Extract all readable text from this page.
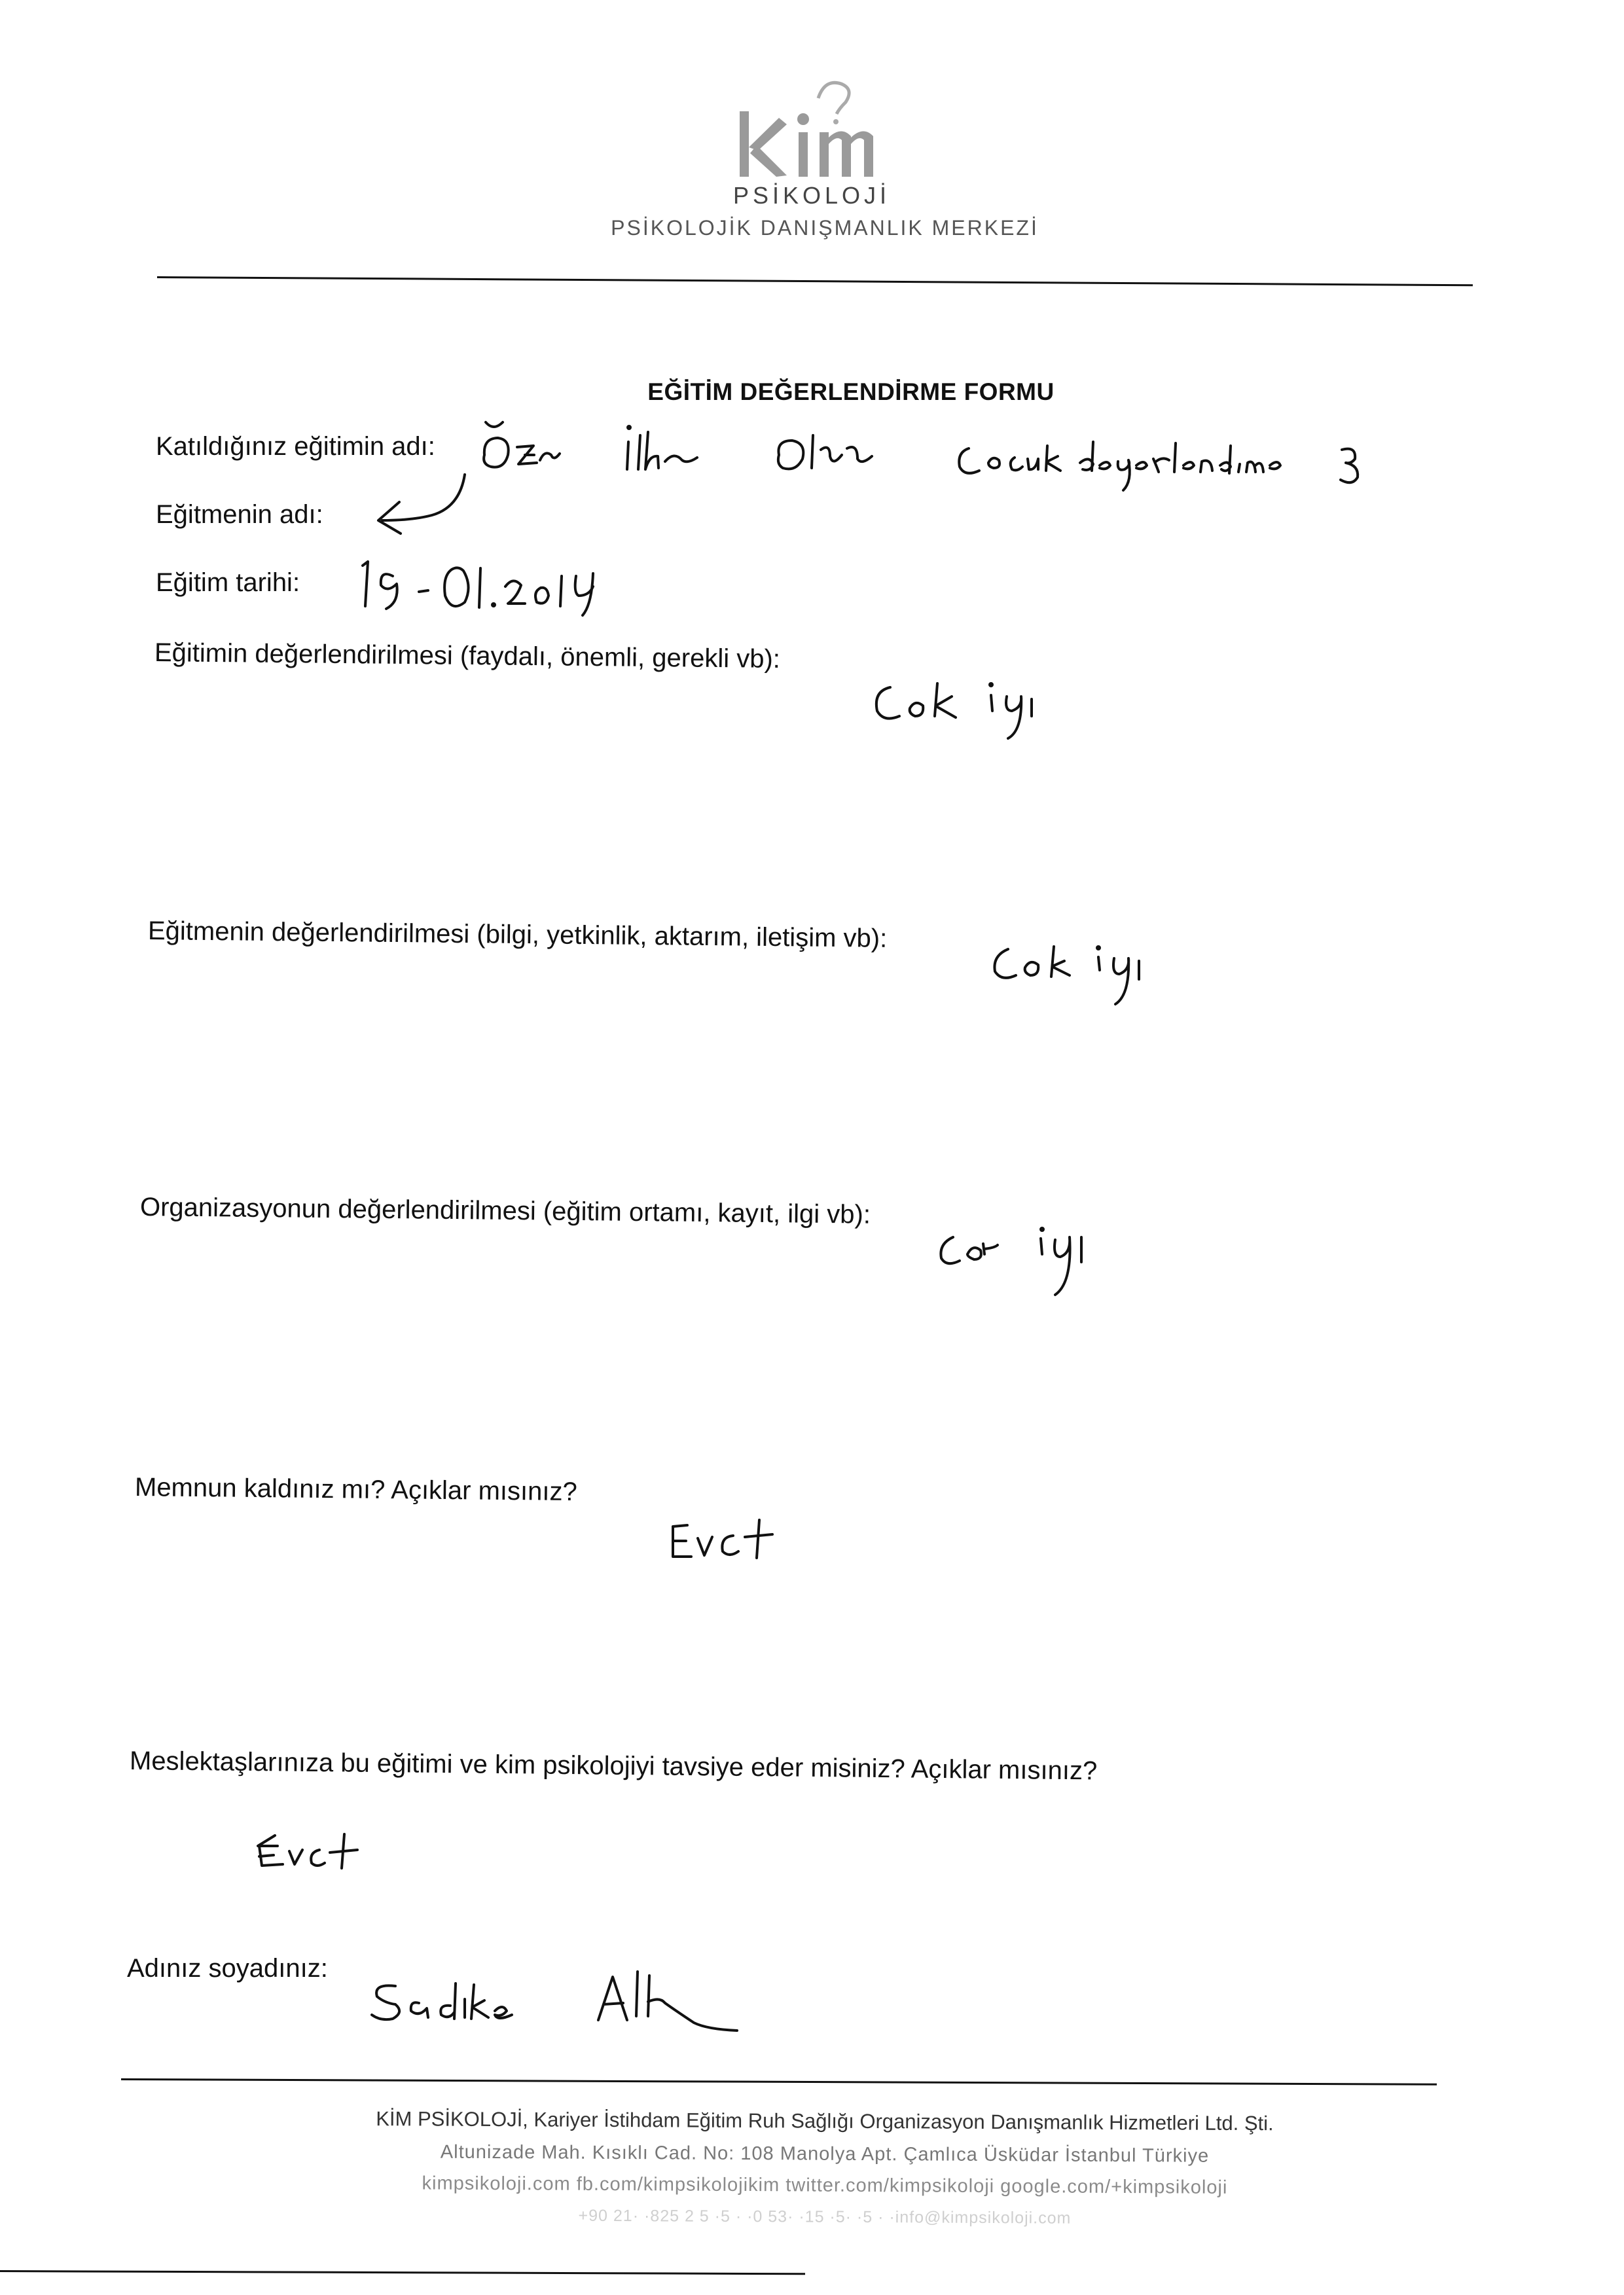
PSİKOLOJİ
PSİKOLOJİK DANIŞMANLIK MERKEZİ
EĞİTİM DEĞERLENDİRME FORMU
Katıldığınız eğitimin adı:
Eğitmenin adı:
Eğitim tarihi:
Eğitimin değerlendirilmesi (faydalı, önemli, gerekli vb):
Eğitmenin değerlendirilmesi (bilgi, yetkinlik, aktarım, iletişim vb):
Organizasyonun değerlendirilmesi (eğitim ortamı, kayıt, ilgi vb):
Memnun kaldınız mı? Açıklar mısınız?
Meslektaşlarınıza bu eğitimi ve kim psikolojiyi tavsiye eder misiniz? Açıklar mısınız?
Adınız soyadınız:
KİM PSİKOLOJİ, Kariyer İstihdam Eğitim Ruh Sağlığı Organizasyon Danışmanlık Hizmetleri Ltd. Şti.
Altunizade Mah. Kısıklı Cad. No: 108 Manolya Apt. Çamlıca Üsküdar İstanbul Türkiye
kimpsikoloji.com fb.com/kimpsikolojikim twitter.com/kimpsikoloji google.com/+kimpsikoloji
+90 21· ·825 2 5 ·5 · ·0 53· ·15 ·5· ·5 · ·info@kimpsikoloji.com
